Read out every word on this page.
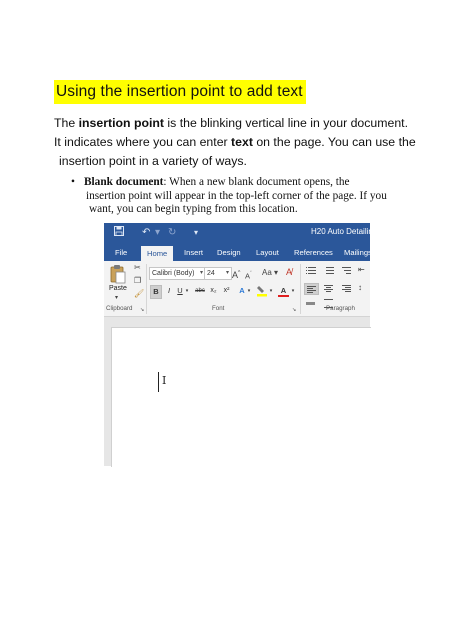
Using the insertion point to add text
The insertion point is the blinking vertical line in your document.
It indicates where you can enter text on the page. You can use the
insertion point in a variety of ways.
• Blank document: When a new blank document opens, the
insertion point will appear in the top-left corner of the page. If you
want, you can begin typing from this location.
↶ ▾ ↻ ▾	H20 Auto Detailing
File	Home	Insert Design Layout References Mailings
Paste
▾
✂
❐
🖌
Clipboard ↘
Calibri (Body) ▾ 24 ▾ A^ $A^ˇ$ Aa ▾ A̸
B	I U ▾	abc x₂ x²	A ▾	▾	A	▾
Font	↘
⇤
↕
Paragraph
I
